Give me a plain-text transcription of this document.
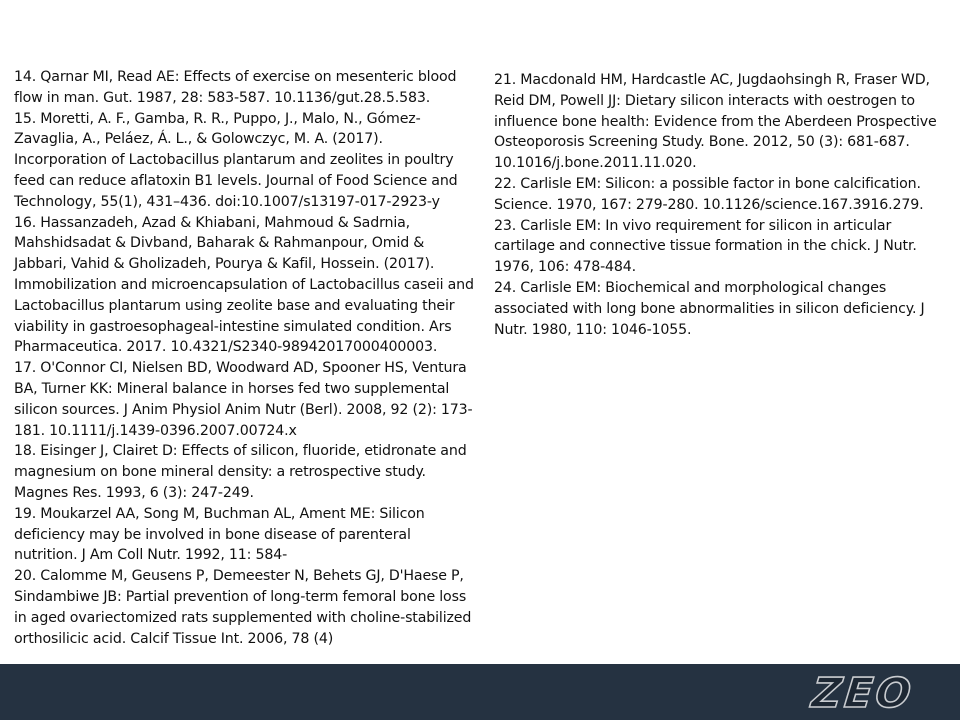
14. Qarnar MI, Read AE: Effects of exercise on mesenteric blood flow in man. Gut. 1987, 28: 583-587. 10.1136/gut.28.5.583.

15. Moretti, A. F., Gamba, R. R., Puppo, J., Malo, N., Gómez-Zavaglia, A., Peláez, Á. L., & Golowczyc, M. A. (2017). Incorporation of Lactobacillus plantarum and zeolites in poultry feed can reduce aflatoxin B1 levels. Journal of Food Science and Technology, 55(1), 431–436. doi:10.1007/s13197-017-2923-y

16. Hassanzadeh, Azad & Khiabani, Mahmoud & Sadrnia, Mahshidsadat & Divband, Baharak & Rahmanpour, Omid & Jabbari, Vahid & Gholizadeh, Pourya & Kafil, Hossein. (2017). Immobilization and microencapsulation of Lactobacillus caseii and Lactobacillus plantarum using zeolite base and evaluating their viability in gastroesophageal-intestine simulated condition. Ars Pharmaceutica. 2017. 10.4321/S2340-98942017000400003.

17. O'Connor CI, Nielsen BD, Woodward AD, Spooner HS, Ventura BA, Turner KK: Mineral balance in horses fed two supplemental silicon sources. J Anim Physiol Anim Nutr (Berl). 2008, 92 (2): 173-181. 10.1111/j.1439-0396.2007.00724.x

18. Eisinger J, Clairet D: Effects of silicon, fluoride, etidronate and magnesium on bone mineral density: a retrospective study. Magnes Res. 1993, 6 (3): 247-249.

19. Moukarzel AA, Song M, Buchman AL, Ament ME: Silicon deficiency may be involved in bone disease of parenteral nutrition. J Am Coll Nutr. 1992, 11: 584-

20. Calomme M, Geusens P, Demeester N, Behets GJ, D'Haese P, Sindambiwe JB: Partial prevention of long-term femoral bone loss in aged ovariectomized rats supplemented with choline-stabilized orthosilicic acid. Calcif Tissue Int. 2006, 78 (4)

21. Macdonald HM, Hardcastle AC, Jugdaohsingh R, Fraser WD, Reid DM, Powell JJ: Dietary silicon interacts with oestrogen to influence bone health: Evidence from the Aberdeen Prospective Osteoporosis Screening Study. Bone. 2012, 50 (3): 681-687. 10.1016/j.bone.2011.11.020.

22. Carlisle EM: Silicon: a possible factor in bone calcification. Science. 1970, 167: 279-280. 10.1126/science.167.3916.279.

23. Carlisle EM: In vivo requirement for silicon in articular cartilage and connective tissue formation in the chick. J Nutr. 1976, 106: 478-484.

24. Carlisle EM: Biochemical and morphological changes associated with long bone abnormalities in silicon deficiency. J Nutr. 1980, 110: 1046-1055.

ZEO
